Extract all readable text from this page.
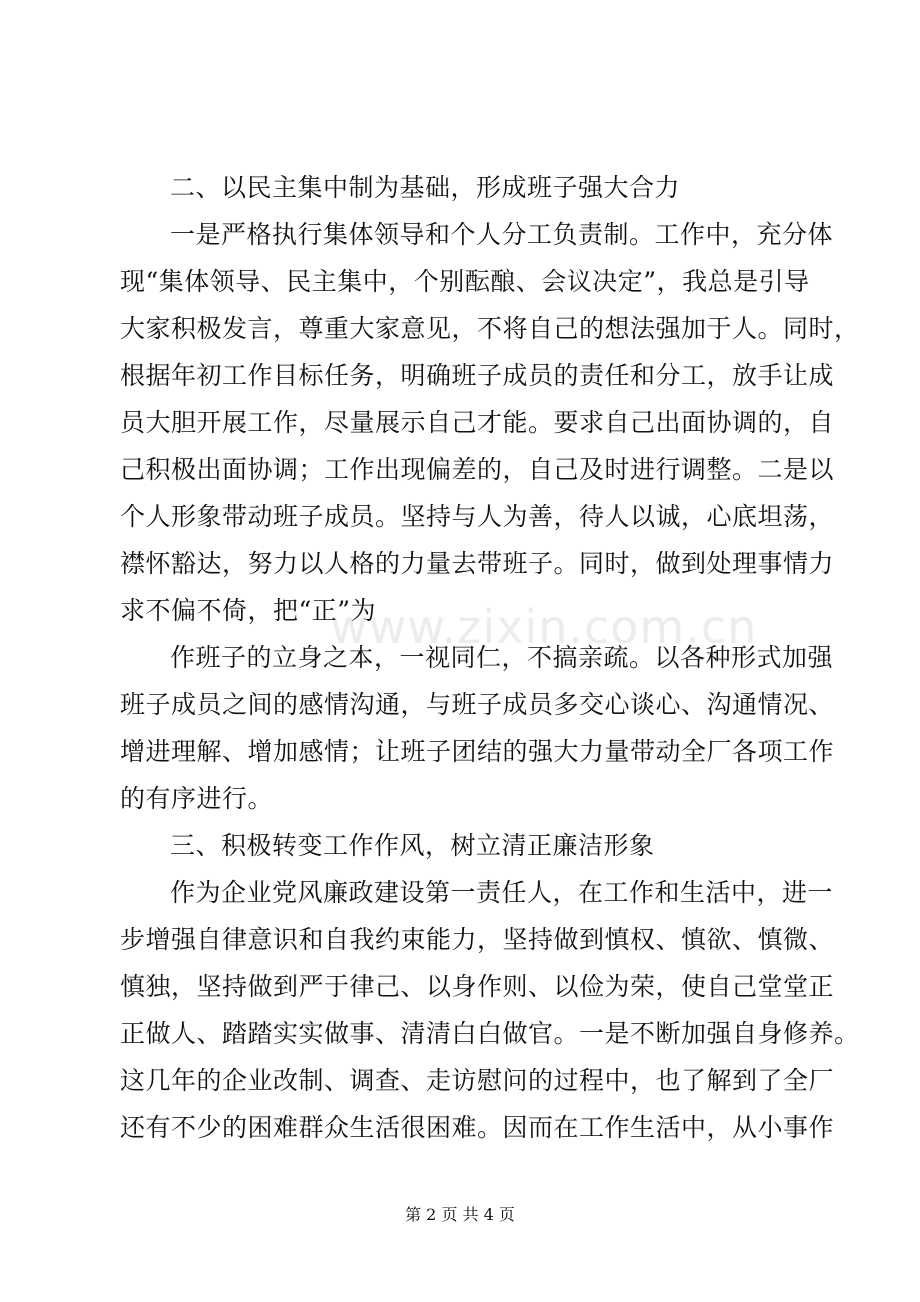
二、以民主集中制为基础，形成班子强大合力
一是严格执行集体领导和个人分工负责制。工作中，充分体
现“集体领导、民主集中，个别酝酿、会议决定”，我总是引导
大家积极发言，尊重大家意见，不将自己的想法强加于人。同时，
根据年初工作目标任务，明确班子成员的责任和分工，放手让成
员大胆开展工作，尽量展示自己才能。要求自己出面协调的，自
己积极出面协调；工作出现偏差的，自己及时进行调整。二是以
个人形象带动班子成员。坚持与人为善，待人以诚，心底坦荡，
襟怀豁达，努力以人格的力量去带班子。同时，做到处理事情力
求不偏不倚，把“正”为
作班子的立身之本，一视同仁，不搞亲疏。以各种形式加强
班子成员之间的感情沟通，与班子成员多交心谈心、沟通情况、
增进理解、增加感情；让班子团结的强大力量带动全厂各项工作
的有序进行。
三、积极转变工作作风，树立清正廉洁形象
作为企业党风廉政建设第一责任人，在工作和生活中，进一
步增强自律意识和自我约束能力，坚持做到慎权、慎欲、慎微、
慎独，坚持做到严于律己、以身作则、以俭为荣，使自己堂堂正
正做人、踏踏实实做事、清清白白做官。一是不断加强自身修养。
这几年的企业改制、调查、走访慰问的过程中，也了解到了全厂
还有不少的困难群众生活很困难。因而在工作生活中，从小事作
www.zixin.com.cn
第 2 页 共 4 页
